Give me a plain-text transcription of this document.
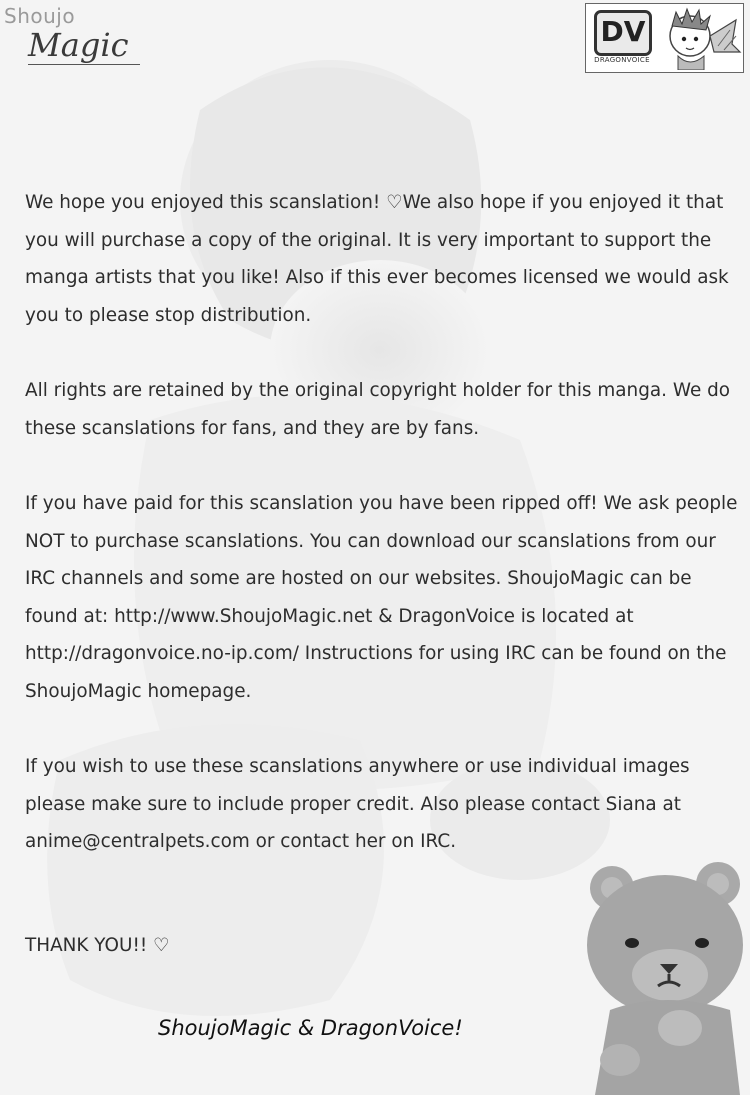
Shoujo
Magic	DV
DRAGONVOICE

We hope you enjoyed this scanslation! ♡We also hope if you enjoyed it that you will purchase a copy of the original. It is very important to support the manga artists that you like! Also if this ever becomes licensed we would ask you to please stop distribution.

All rights are retained by the original copyright holder for this manga. We do these scanslations for fans, and they are by fans.

If you have paid for this scanslation you have been ripped off! We ask people NOT to purchase scanslations. You can download our scanslations from our IRC channels and some are hosted on our websites. ShoujoMagic can be found at: http://www.ShoujoMagic.net & DragonVoice is located at http://dragonvoice.no-ip.com/ Instructions for using IRC can be found on the ShoujoMagic homepage.

If you wish to use these scanslations anywhere or use individual images please make sure to include proper credit. Also please contact Siana at anime@centralpets.com or contact her on IRC.

THANK YOU!! ♡
ShoujoMagic & DragonVoice!
